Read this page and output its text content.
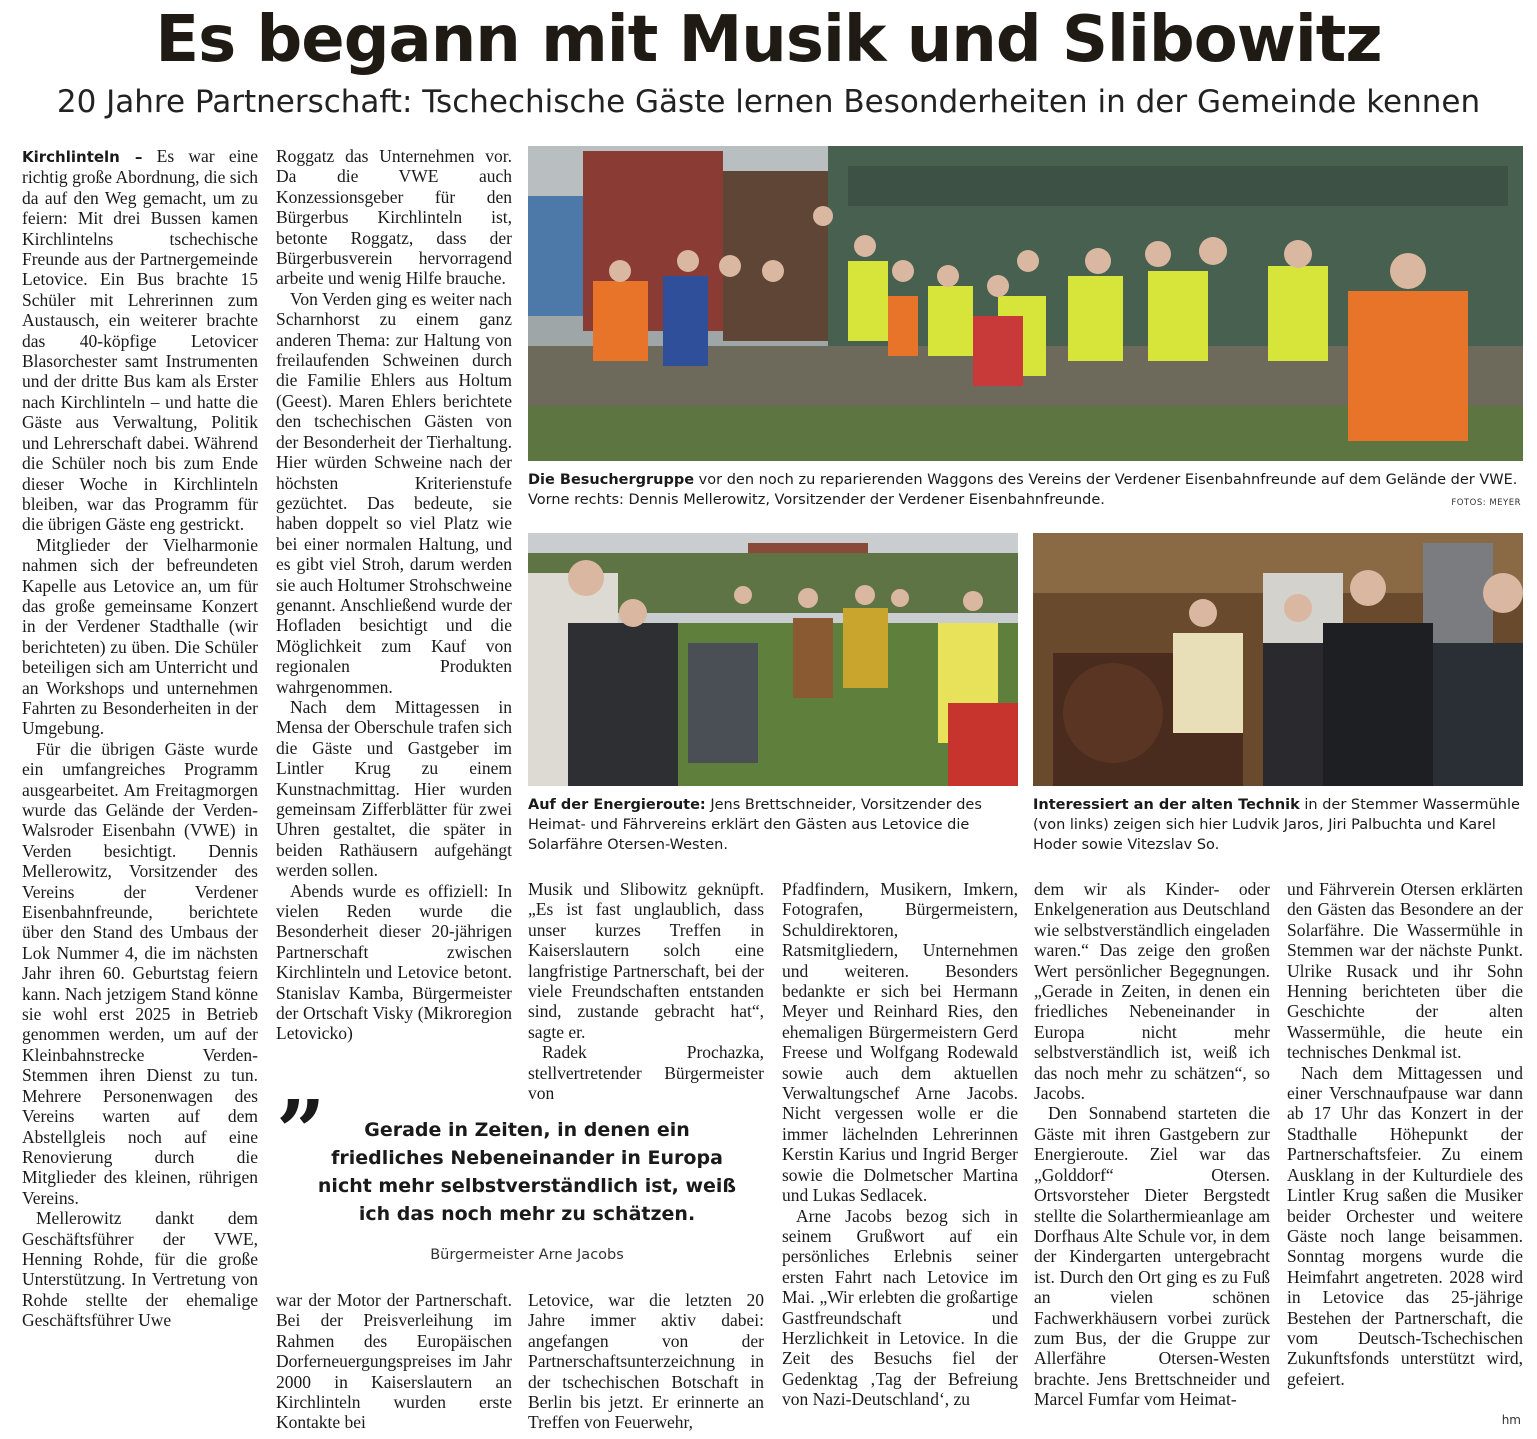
Es begann mit Musik und Slibowitz
20 Jahre Partnerschaft: Tschechische Gäste lernen Besonderheiten in der Gemeinde kennen

Kirchlinteln – Es war eine richtig große Abordnung, die sich da auf den Weg gemacht, um zu feiern: Mit drei Bussen kamen Kirchlintelns tschechische Freunde aus der Partnergemeinde Letovice. Ein Bus brachte 15 Schüler mit Lehrerinnen zum Austausch, ein weiterer brachte das 40-köpfige Letovicer Blasorchester samt Instrumenten und der dritte Bus kam als Erster nach Kirchlinteln – und hatte die Gäste aus Verwaltung, Politik und Lehrerschaft dabei. Während die Schüler noch bis zum Ende dieser Woche in Kirchlinteln bleiben, war das Programm für die übrigen Gäste eng gestrickt.

Mitglieder der Vielharmonie nahmen sich der befreundeten Kapelle aus Letovice an, um für das große gemeinsame Konzert in der Verdener Stadthalle (wir berichteten) zu üben. Die Schüler beteiligen sich am Unterricht und an Workshops und unternehmen Fahrten zu Besonderheiten in der Umgebung.

Für die übrigen Gäste wurde ein umfangreiches Programm ausgearbeitet. Am Freitagmorgen wurde das Gelände der Verden-Walsroder Eisenbahn (VWE) in Verden besichtigt. Dennis Mellerowitz, Vorsitzender des Vereins der Verdener Eisenbahnfreunde, berichtete über den Stand des Umbaus der Lok Nummer 4, die im nächsten Jahr ihren 60. Geburtstag feiern kann. Nach jetzigem Stand könne sie wohl erst 2025 in Betrieb genommen werden, um auf der Kleinbahnstrecke Verden-Stemmen ihren Dienst zu tun. Mehrere Personenwagen des Vereins warten auf dem Abstellgleis noch auf eine Renovierung durch die Mitglieder des kleinen, rührigen Vereins.

Mellerowitz dankt dem Geschäftsführer der VWE, Henning Rohde, für die große Unterstützung. In Vertretung von Rohde stellte der ehemalige Geschäftsführer Uwe

Roggatz das Unternehmen vor. Da die VWE auch Konzessionsgeber für den Bürgerbus Kirchlinteln ist, betonte Roggatz, dass der Bürgerbusverein hervorragend arbeite und wenig Hilfe brauche.

Von Verden ging es weiter nach Scharnhorst zu einem ganz anderen Thema: zur Haltung von freilaufenden Schweinen durch die Familie Ehlers aus Holtum (Geest). Maren Ehlers berichtete den tschechischen Gästen von der Besonderheit der Tierhaltung. Hier würden Schweine nach der höchsten Kriterienstufe gezüchtet. Das bedeute, sie haben doppelt so viel Platz wie bei einer normalen Haltung, und es gibt viel Stroh, darum werden sie auch Holtumer Strohschweine genannt. Anschließend wurde der Hofladen besichtigt und die Möglichkeit zum Kauf von regionalen Produkten wahrgenommen.

Nach dem Mittagessen in Mensa der Oberschule trafen sich die Gäste und Gastgeber im Lintler Krug zu einem Kunstnachmittag. Hier wurden gemeinsam Zifferblätter für zwei Uhren gestaltet, die später in beiden Rathäusern aufgehängt werden sollen.

Abends wurde es offiziell: In vielen Reden wurde die Besonderheit dieser 20-jährigen Partnerschaft zwischen Kirchlinteln und Letovice betont. Stanislav Kamba, Bürgermeister der Ortschaft Visky (Mikroregion Letovicko)

Musik und Slibowitz geknüpft. „Es ist fast unglaublich, dass unser kurzes Treffen in Kaiserslautern solch eine langfristige Partnerschaft, bei der viele Freundschaften entstanden sind, zustande gebracht hat“, sagte er.

Radek Prochazka, stellvertretender Bürgermeister von

”	Gerade in Zeiten, in denen ein friedliches Nebeneinander in Europa nicht mehr selbstverständlich ist, weiß ich das noch mehr zu schätzen.
Bürgermeister Arne Jacobs

war der Motor der Partnerschaft. Bei der Preisverleihung im Rahmen des Europäischen Dorferneuergungspreises im Jahr 2000 in Kaiserslautern an Kirchlinteln wurden erste Kontakte bei

Letovice, war die letzten 20 Jahre immer aktiv dabei: angefangen von der Partnerschaftsunterzeichnung in der tschechischen Botschaft in Berlin bis jetzt. Er erinnerte an Treffen von Feuerwehr,

Pfadfindern, Musikern, Imkern, Fotografen, Bürgermeistern, Schuldirektoren, Ratsmitgliedern, Unternehmen und weiteren. Besonders bedankte er sich bei Hermann Meyer und Reinhard Ries, den ehemaligen Bürgermeistern Gerd Freese und Wolfgang Rodewald sowie auch dem aktuellen Verwaltungschef Arne Jacobs. Nicht vergessen wolle er die immer lächelnden Lehrerinnen Kerstin Karius und Ingrid Berger sowie die Dolmetscher Martina und Lukas Sedlacek.

Arne Jacobs bezog sich in seinem Grußwort auf ein persönliches Erlebnis seiner ersten Fahrt nach Letovice im Mai. „Wir erlebten die großartige Gastfreundschaft und Herzlichkeit in Letovice. In die Zeit des Besuchs fiel der Gedenktag ‚Tag der Befreiung von Nazi-Deutschland‘, zu

dem wir als Kinder- oder Enkelgeneration aus Deutschland wie selbstverständlich eingeladen waren.“ Das zeige den großen Wert persönlicher Begegnungen. „Gerade in Zeiten, in denen ein friedliches Nebeneinander in Europa nicht mehr selbstverständlich ist, weiß ich das noch mehr zu schätzen“, so Jacobs.

Den Sonnabend starteten die Gäste mit ihren Gastgebern zur Energieroute. Ziel war das „Golddorf“ Otersen. Ortsvorsteher Dieter Bergstedt stellte die Solarthermieanlage am Dorfhaus Alte Schule vor, in dem der Kindergarten untergebracht ist. Durch den Ort ging es zu Fuß an vielen schönen Fachwerkhäusern vorbei zurück zum Bus, der die Gruppe zur Allerfähre Otersen-Westen brachte. Jens Brettschneider und Marcel Fumfar vom Heimat-

und Fährverein Otersen erklärten den Gästen das Besondere an der Solarfähre. Die Wassermühle in Stemmen war der nächste Punkt. Ulrike Rusack und ihr Sohn Henning berichteten über die Geschichte der alten Wassermühle, die heute ein technisches Denkmal ist.

Nach dem Mittagessen und einer Verschnaufpause war dann ab 17 Uhr das Konzert in der Stadthalle Höhepunkt der Partnerschaftsfeier. Zu einem Ausklang in der Kulturdiele des Lintler Krug saßen die Musiker beider Orchester und weitere Gäste noch lange beisammen. Sonntag morgens wurde die Heimfahrt angetreten. 2028 wird in Letovice das 25-jährige Bestehen der Partnerschaft, die vom Deutsch-Tschechischen Zukunftsfonds unterstützt wird, gefeiert.

hm
Die Besuchergruppe vor den noch zu reparierenden Waggons des Vereins der Verdener Eisenbahnfreunde auf dem Gelände der VWE. Vorne rechts: Dennis Mellerowitz, Vorsitzender der Verdener Eisenbahnfreunde.	FOTOS: MEYER
Auf der Energieroute: Jens Brettschneider, Vorsitzender des Heimat- und Fährvereins erklärt den Gästen aus Letovice die Solarfähre Otersen-Westen.
Interessiert an der alten Technik in der Stemmer Wassermühle (von links) zeigen sich hier Ludvik Jaros, Jiri Palbuchta und Karel Hoder sowie Vitezslav So.
